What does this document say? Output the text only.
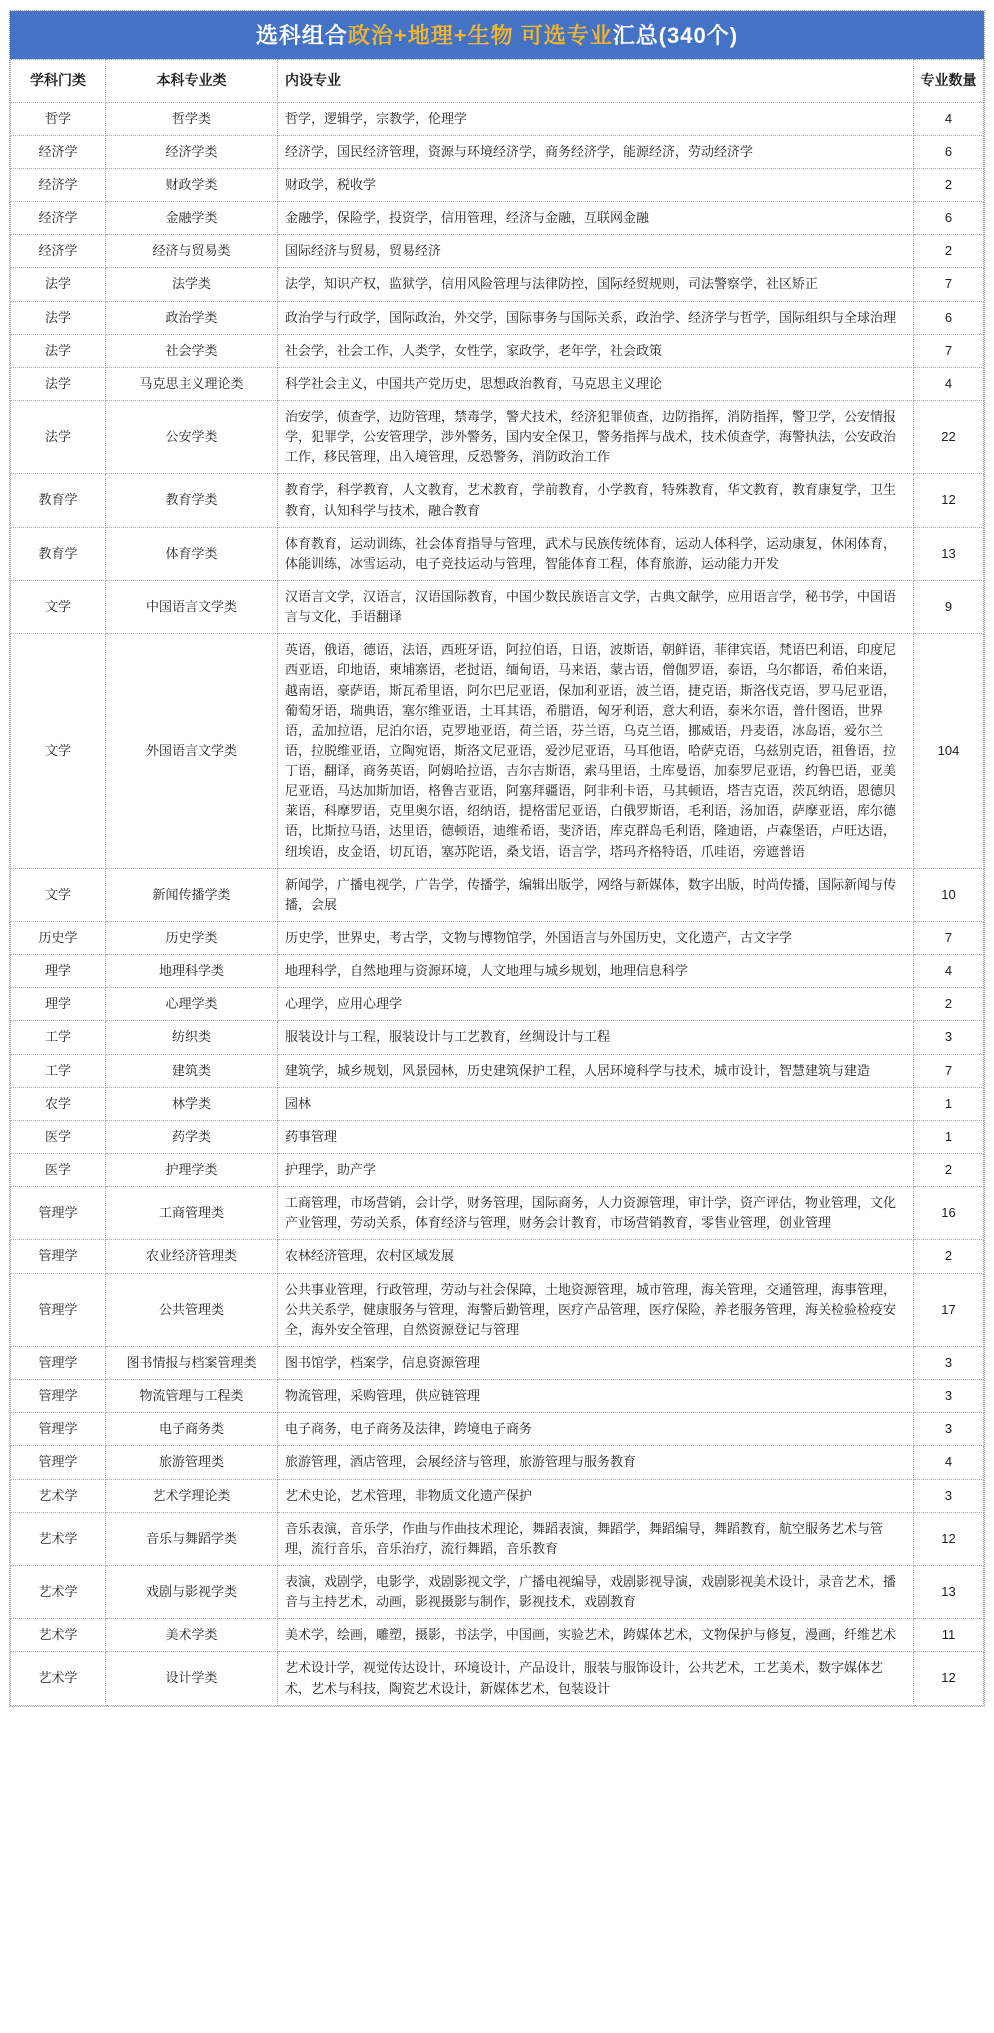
选科组合政治+地理+生物 可选专业汇总(340个)
学科门类	本科专业类	内设专业	专业数量
哲学	哲学类	哲学，逻辑学，宗教学，伦理学	4
经济学	经济学类	经济学，国民经济管理，资源与环境经济学，商务经济学，能源经济，劳动经济学	6
经济学	财政学类	财政学，税收学	2
经济学	金融学类	金融学，保险学，投资学，信用管理，经济与金融，互联网金融	6
经济学	经济与贸易类	国际经济与贸易，贸易经济	2
法学	法学类	法学，知识产权，监狱学，信用风险管理与法律防控，国际经贸规则，司法警察学，社区矫正	7
法学	政治学类	政治学与行政学，国际政治，外交学，国际事务与国际关系，政治学、经济学与哲学，国际组织与全球治理	6
法学	社会学类	社会学，社会工作，人类学，女性学，家政学，老年学，社会政策	7
法学	马克思主义理论类	科学社会主义，中国共产党历史，思想政治教育，马克思主义理论	4
法学	公安学类	治安学，侦查学，边防管理，禁毒学，警犬技术，经济犯罪侦查，边防指挥，消防指挥，警卫学，公安情报学，犯罪学，公安管理学，涉外警务，国内安全保卫，警务指挥与战术，技术侦查学，海警执法，公安政治工作，移民管理，出入境管理，反恐警务，消防政治工作	22
教育学	教育学类	教育学，科学教育，人文教育，艺术教育，学前教育，小学教育，特殊教育，华文教育，教育康复学，卫生教育，认知科学与技术，融合教育	12
教育学	体育学类	体育教育，运动训练，社会体育指导与管理，武术与民族传统体育，运动人体科学，运动康复，休闲体育，体能训练，冰雪运动，电子竞技运动与管理，智能体育工程，体育旅游，运动能力开发	13
文学	中国语言文学类	汉语言文学，汉语言，汉语国际教育，中国少数民族语言文学，古典文献学，应用语言学，秘书学，中国语言与文化，手语翻译	9
文学	外国语言文学类	英语，俄语，德语，法语，西班牙语，阿拉伯语，日语，波斯语，朝鲜语，菲律宾语，梵语巴利语，印度尼西亚语，印地语，柬埔寨语，老挝语，缅甸语，马来语，蒙古语，僧伽罗语，泰语，乌尔都语，希伯来语，越南语，豪萨语，斯瓦希里语，阿尔巴尼亚语，保加利亚语，波兰语，捷克语，斯洛伐克语，罗马尼亚语，葡萄牙语，瑞典语，塞尔维亚语，土耳其语，希腊语，匈牙利语，意大利语，泰米尔语，普什图语，世界语，孟加拉语，尼泊尔语，克罗地亚语，荷兰语，芬兰语，乌克兰语，挪威语，丹麦语，冰岛语，爱尔兰语，拉脱维亚语，立陶宛语，斯洛文尼亚语，爱沙尼亚语，马耳他语，哈萨克语，乌兹别克语，祖鲁语，拉丁语，翻译，商务英语，阿姆哈拉语，吉尔吉斯语，索马里语，土库曼语，加泰罗尼亚语，约鲁巴语，亚美尼亚语，马达加斯加语，格鲁吉亚语，阿塞拜疆语，阿非利卡语，马其顿语，塔吉克语，茨瓦纳语，恩德贝莱语，科摩罗语，克里奥尔语，绍纳语，提格雷尼亚语，白俄罗斯语，毛利语，汤加语，萨摩亚语，库尔德语，比斯拉马语，达里语，德顿语，迪维希语，斐济语，库克群岛毛利语，隆迪语，卢森堡语，卢旺达语，纽埃语，皮金语，切瓦语，塞苏陀语，桑戈语，语言学，塔玛齐格特语，爪哇语，旁遮普语	104
文学	新闻传播学类	新闻学，广播电视学，广告学，传播学，编辑出版学，网络与新媒体，数字出版，时尚传播，国际新闻与传播，会展	10
历史学	历史学类	历史学，世界史，考古学，文物与博物馆学，外国语言与外国历史，文化遗产，古文字学	7
理学	地理科学类	地理科学，自然地理与资源环境，人文地理与城乡规划，地理信息科学	4
理学	心理学类	心理学，应用心理学	2
工学	纺织类	服装设计与工程，服装设计与工艺教育，丝绸设计与工程	3
工学	建筑类	建筑学，城乡规划，风景园林，历史建筑保护工程，人居环境科学与技术，城市设计，智慧建筑与建造	7
农学	林学类	园林	1
医学	药学类	药事管理	1
医学	护理学类	护理学，助产学	2
管理学	工商管理类	工商管理，市场营销，会计学，财务管理，国际商务，人力资源管理，审计学，资产评估，物业管理，文化产业管理，劳动关系，体育经济与管理，财务会计教育，市场营销教育，零售业管理，创业管理	16
管理学	农业经济管理类	农林经济管理，农村区域发展	2
管理学	公共管理类	公共事业管理，行政管理，劳动与社会保障，土地资源管理，城市管理，海关管理，交通管理，海事管理，公共关系学，健康服务与管理，海警后勤管理，医疗产品管理，医疗保险，养老服务管理，海关检验检疫安全，海外安全管理，自然资源登记与管理	17
管理学	图书情报与档案管理类	图书馆学，档案学，信息资源管理	3
管理学	物流管理与工程类	物流管理，采购管理，供应链管理	3
管理学	电子商务类	电子商务，电子商务及法律，跨境电子商务	3
管理学	旅游管理类	旅游管理，酒店管理，会展经济与管理，旅游管理与服务教育	4
艺术学	艺术学理论类	艺术史论，艺术管理，非物质文化遗产保护	3
艺术学	音乐与舞蹈学类	音乐表演，音乐学，作曲与作曲技术理论，舞蹈表演，舞蹈学，舞蹈编导，舞蹈教育，航空服务艺术与管理，流行音乐，音乐治疗，流行舞蹈，音乐教育	12
艺术学	戏剧与影视学类	表演，戏剧学，电影学，戏剧影视文学，广播电视编导，戏剧影视导演，戏剧影视美术设计，录音艺术，播音与主持艺术，动画，影视摄影与制作，影视技术，戏剧教育	13
艺术学	美术学类	美术学，绘画，雕塑，摄影，书法学，中国画，实验艺术，跨媒体艺术，文物保护与修复，漫画，纤维艺术	11
艺术学	设计学类	艺术设计学，视觉传达设计，环境设计，产品设计，服装与服饰设计，公共艺术，工艺美术，数字媒体艺术，艺术与科技，陶瓷艺术设计，新媒体艺术，包装设计	12
